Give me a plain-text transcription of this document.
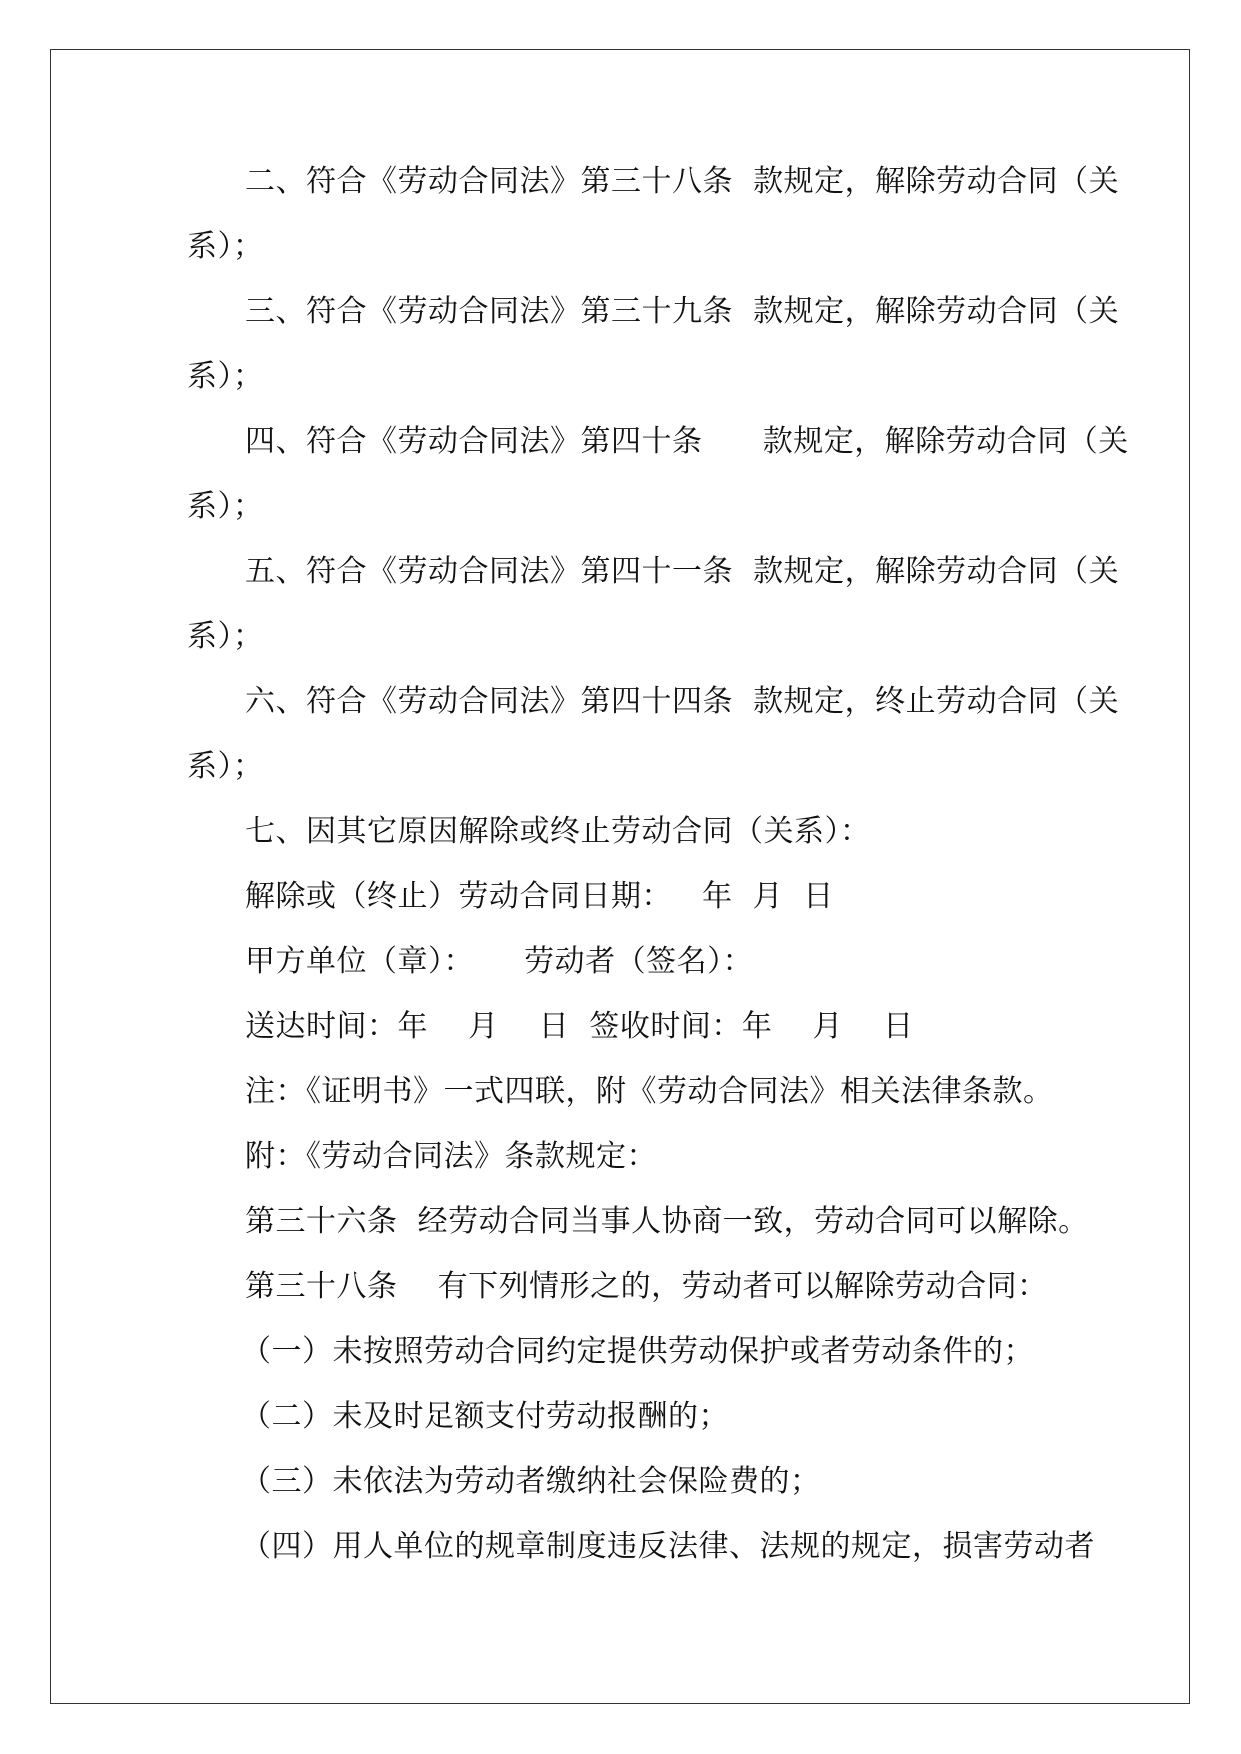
二、符合《劳动合同法》第三十八条  款规定，解除劳动合同（关
系）；
三、符合《劳动合同法》第三十九条  款规定，解除劳动合同（关
系）；
四、符合《劳动合同法》第四十条      款规定，解除劳动合同（关
系）；
五、符合《劳动合同法》第四十一条  款规定，解除劳动合同（关
系）；
六、符合《劳动合同法》第四十四条  款规定，终止劳动合同（关
系）；
七、因其它原因解除或终止劳动合同（关系）：
解除或（终止）劳动合同日期：   年  月  日
甲方单位（章）：     劳动者（签名）：
送达时间：年    月    日  签收时间：年    月    日
注：《证明书》一式四联，附《劳动合同法》相关法律条款。
附：《劳动合同法》条款规定：
第三十六条  经劳动合同当事人协商一致，劳动合同可以解除。
第三十八条    有下列情形之的，劳动者可以解除劳动合同：
（一）未按照劳动合同约定提供劳动保护或者劳动条件的；
（二）未及时足额支付劳动报酬的；
（三）未依法为劳动者缴纳社会保险费的；
（四）用人单位的规章制度违反法律、法规的规定，损害劳动者
